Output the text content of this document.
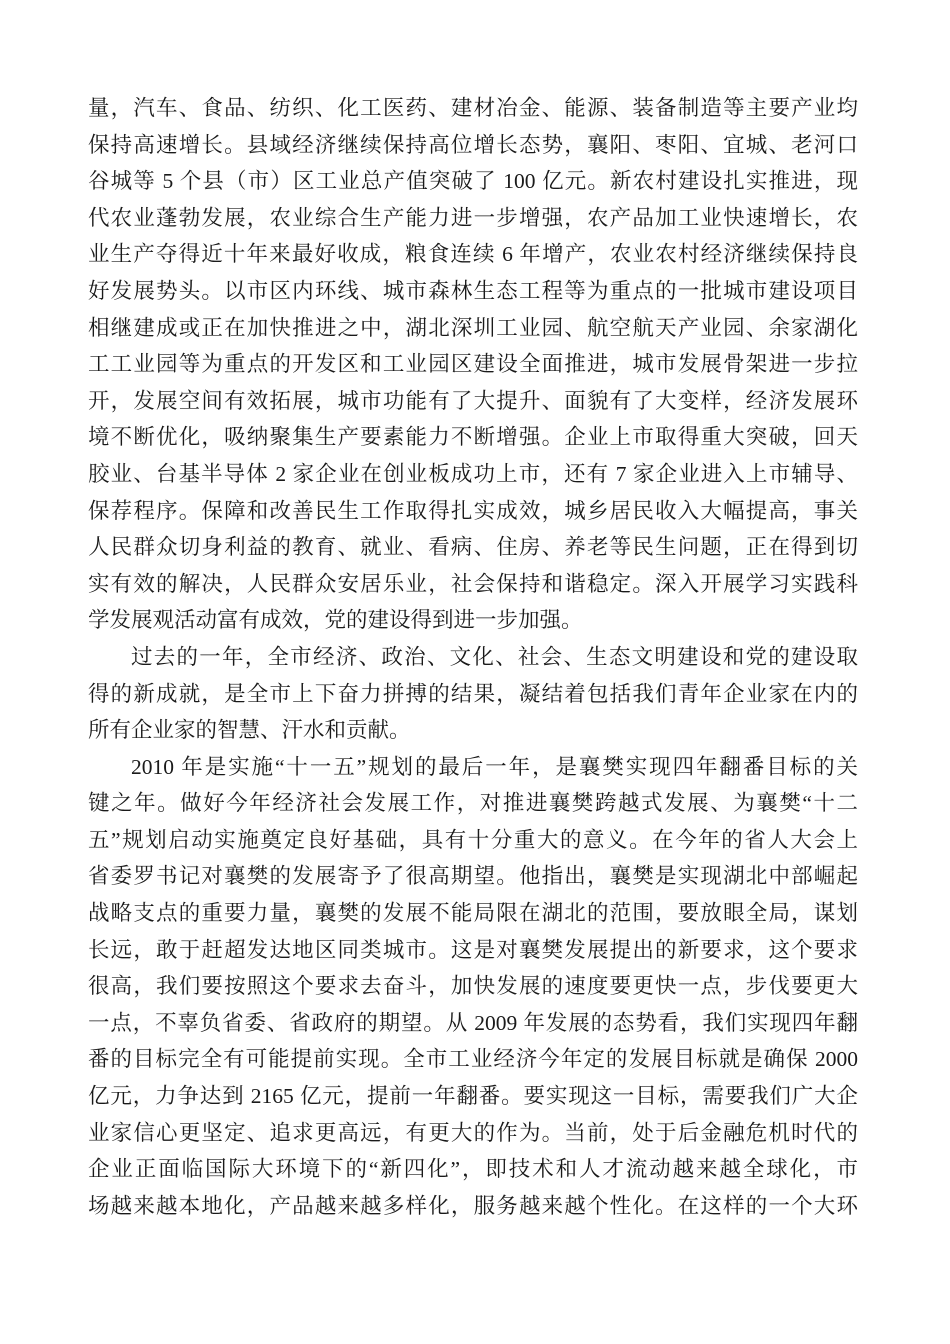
量，汽车、食品、纺织、化工医药、建材冶金、能源、装备制造等主要产业均
保持高速增长。县域经济继续保持高位增长态势，襄阳、枣阳、宜城、老河口
谷城等 5 个县（市）区工业总产值突破了 100 亿元。新农村建设扎实推进，现
代农业蓬勃发展，农业综合生产能力进一步增强，农产品加工业快速增长，农
业生产夺得近十年来最好收成，粮食连续 6 年增产，农业农村经济继续保持良
好发展势头。以市区内环线、城市森林生态工程等为重点的一批城市建设项目
相继建成或正在加快推进之中，湖北深圳工业园、航空航天产业园、余家湖化
工工业园等为重点的开发区和工业园区建设全面推进，城市发展骨架进一步拉
开，发展空间有效拓展，城市功能有了大提升、面貌有了大变样，经济发展环
境不断优化，吸纳聚集生产要素能力不断增强。企业上市取得重大突破，回天
胶业、台基半导体 2 家企业在创业板成功上市，还有 7 家企业进入上市辅导、
保荐程序。保障和改善民生工作取得扎实成效，城乡居民收入大幅提高，事关
人民群众切身利益的教育、就业、看病、住房、养老等民生问题，正在得到切
实有效的解决，人民群众安居乐业，社会保持和谐稳定。深入开展学习实践科
学发展观活动富有成效，党的建设得到进一步加强。
过去的一年，全市经济、政治、文化、社会、生态文明建设和党的建设取
得的新成就，是全市上下奋力拼搏的结果，凝结着包括我们青年企业家在内的
所有企业家的智慧、汗水和贡献。
2010 年是实施“十一五”规划的最后一年，是襄樊实现四年翻番目标的关
键之年。做好今年经济社会发展工作，对推进襄樊跨越式发展、为襄樊“十二
五”规划启动实施奠定良好基础，具有十分重大的意义。在今年的省人大会上
省委罗书记对襄樊的发展寄予了很高期望。他指出，襄樊是实现湖北中部崛起
战略支点的重要力量，襄樊的发展不能局限在湖北的范围，要放眼全局，谋划
长远，敢于赶超发达地区同类城市。这是对襄樊发展提出的新要求，这个要求
很高，我们要按照这个要求去奋斗，加快发展的速度要更快一点，步伐要更大
一点，不辜负省委、省政府的期望。从 2009 年发展的态势看，我们实现四年翻
番的目标完全有可能提前实现。全市工业经济今年定的发展目标就是确保 2000
亿元，力争达到 2165 亿元，提前一年翻番。要实现这一目标，需要我们广大企
业家信心更坚定、追求更高远，有更大的作为。当前，处于后金融危机时代的
企业正面临国际大环境下的“新四化”，即技术和人才流动越来越全球化，市
场越来越本地化，产品越来越多样化，服务越来越个性化。在这样的一个大环
